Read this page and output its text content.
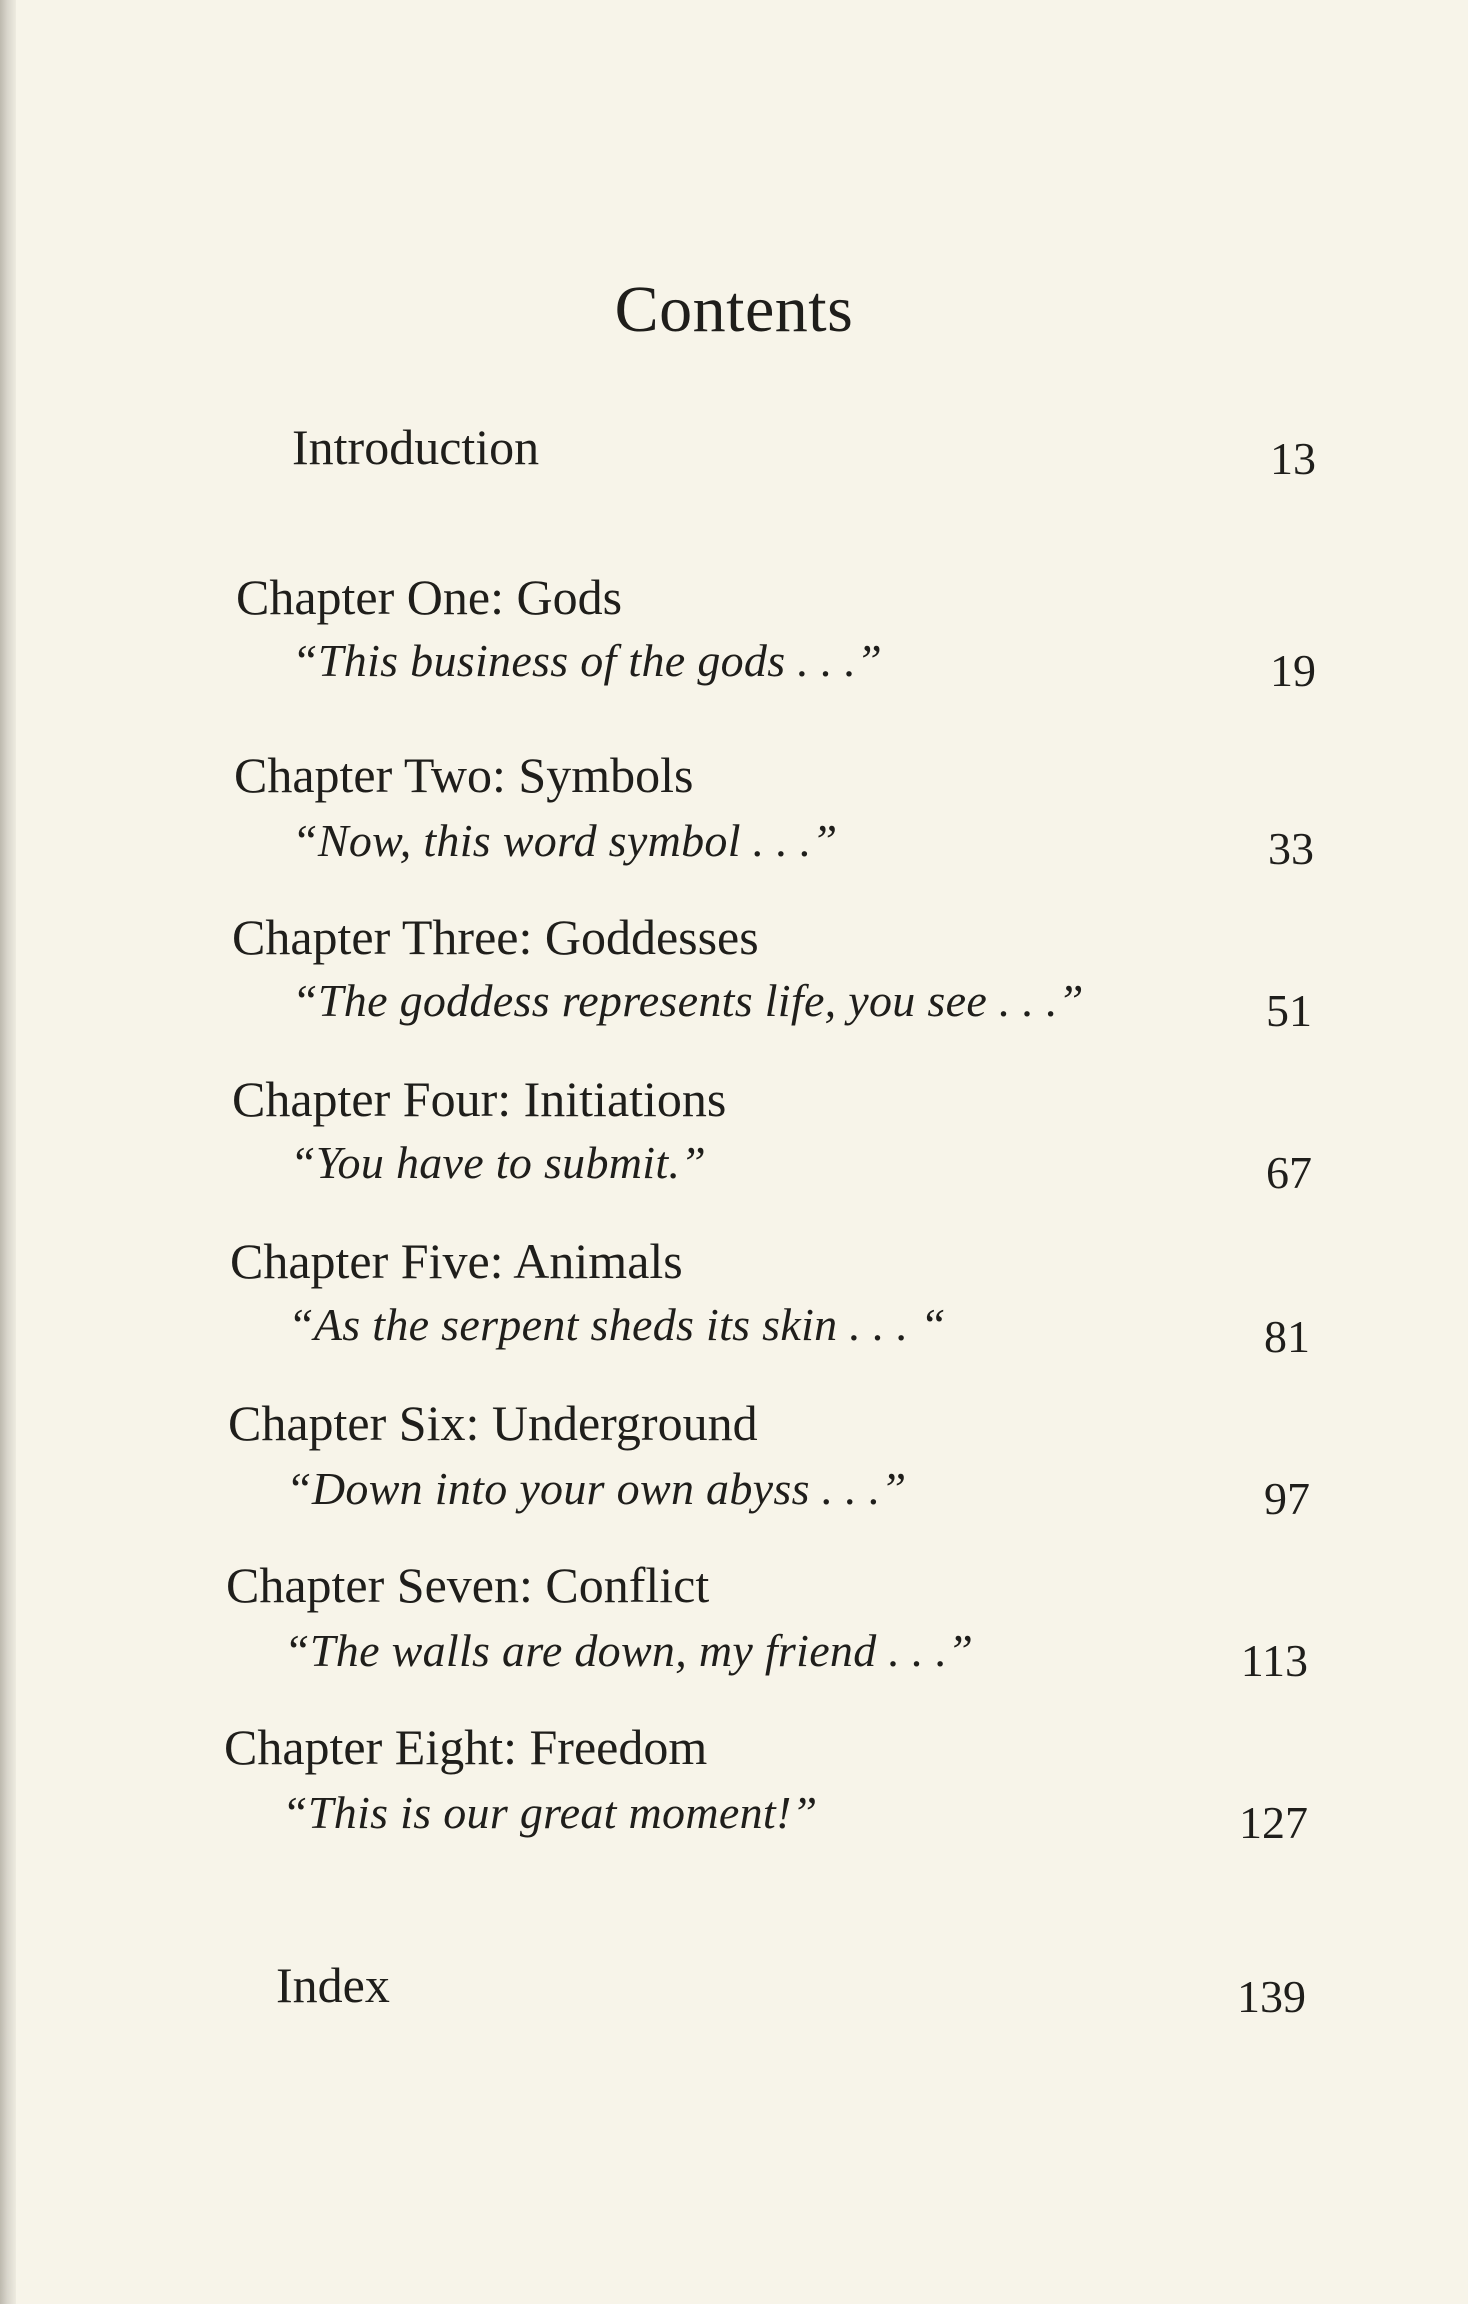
Contents
Introduction	13
Chapter One: Gods
“This business of the gods . . .”	19
Chapter Two: Symbols
“Now, this word symbol . . .”	33
Chapter Three: Goddesses
“The goddess represents life, you see . . .”	51
Chapter Four: Initiations
“You have to submit.”	67
Chapter Five: Animals
“As the serpent sheds its skin . . . “	81
Chapter Six: Underground
“Down into your own abyss . . .”	97
Chapter Seven: Conflict
“The walls are down, my friend . . .”	113
Chapter Eight: Freedom
“This is our great moment!”	127
Index	139
